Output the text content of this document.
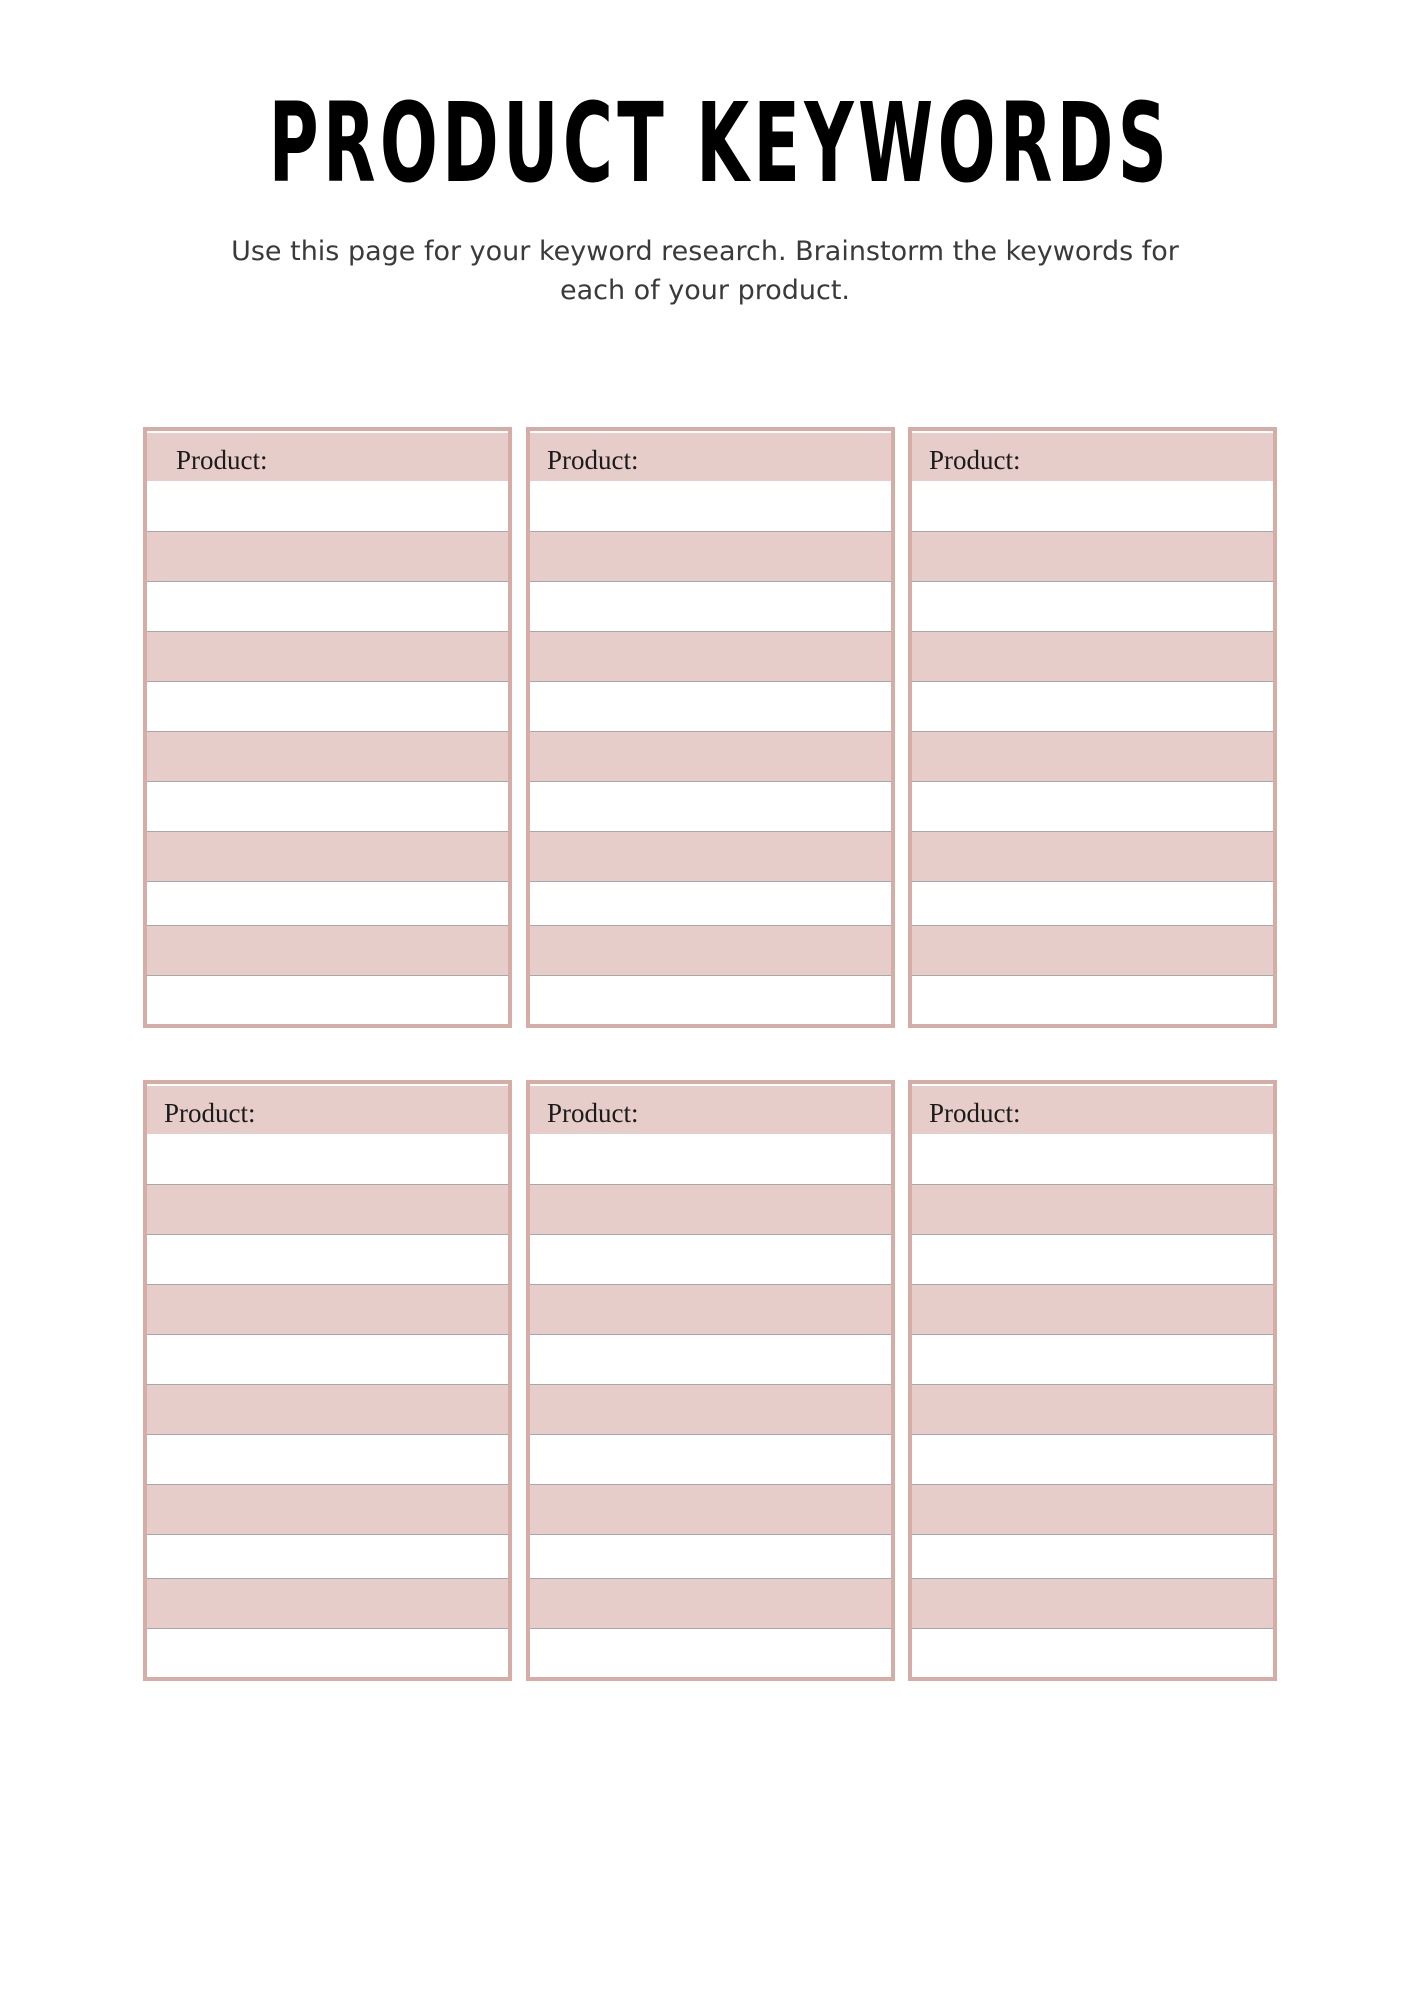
PRODUCT KEYWORDS
Use this page for your keyword research. Brainstorm the keywords for each of your product.
Product:	Product:	Product:
Product:	Product:	Product:
